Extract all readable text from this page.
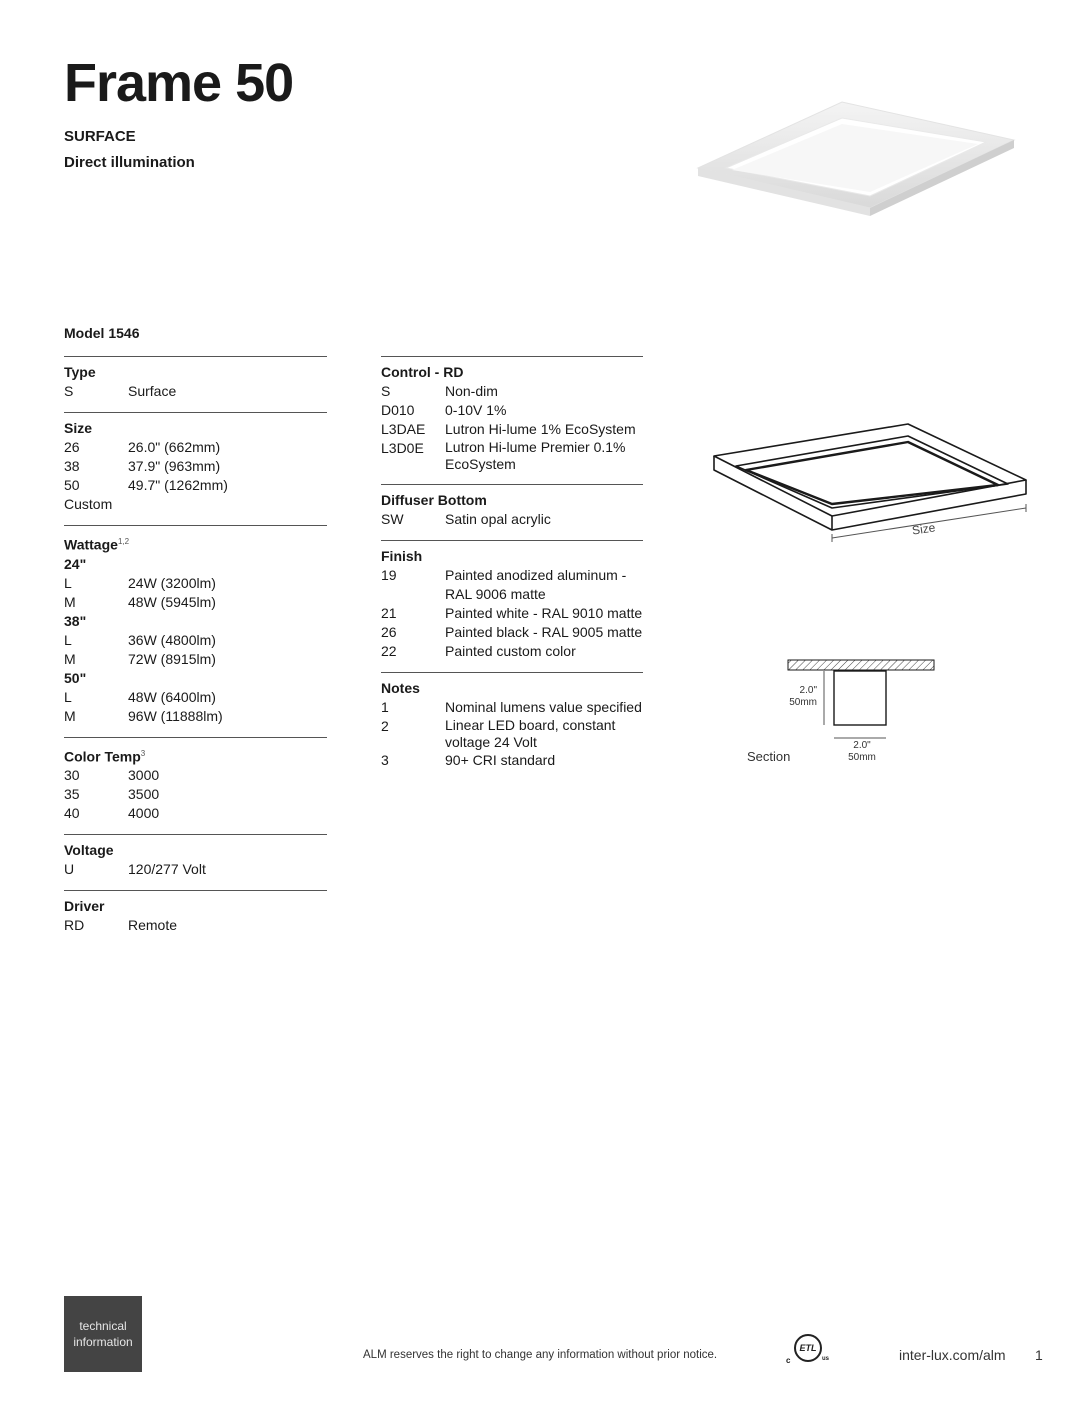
Frame 50
SURFACE
Direct illumination
Model 1546
Type
S	Surface
Size
26	26.0" (662mm)
38	37.9" (963mm)
50	49.7" (1262mm)
Custom
Wattage$^{1,2}$
24"
L	24W (3200lm)
M	48W (5945lm)
38"
L	36W (4800lm)
M	72W (8915lm)
50"
L	48W (6400lm)
M	96W (11888lm)
Color Temp$^3$
30	3000
35	3500
40	4000
Voltage
U	120/277 Volt
Driver
RD	Remote
Control - RD
S	Non-dim
D010	0-10V 1%
L3DAE	Lutron Hi-lume 1% EcoSystem
L3D0E	Lutron Hi-lume Premier 0.1% EcoSystem
Diffuser Bottom
SW	Satin opal acrylic
Finish
19	Painted anodized aluminum - RAL 9006 matte
21	Painted white - RAL 9010 matte
26	Painted black - RAL 9005 matte
22	Painted custom color
Notes
1	Nominal lumens value specified
2	Linear LED board, constant voltage 24 Volt
3	90+ CRI standard
Size
2.0"
50mm
2.0"
50mm
Section
technical
information
ALM reserves the right to change any information without prior notice.
ETL
c	us	inter-lux.com/alm 1
